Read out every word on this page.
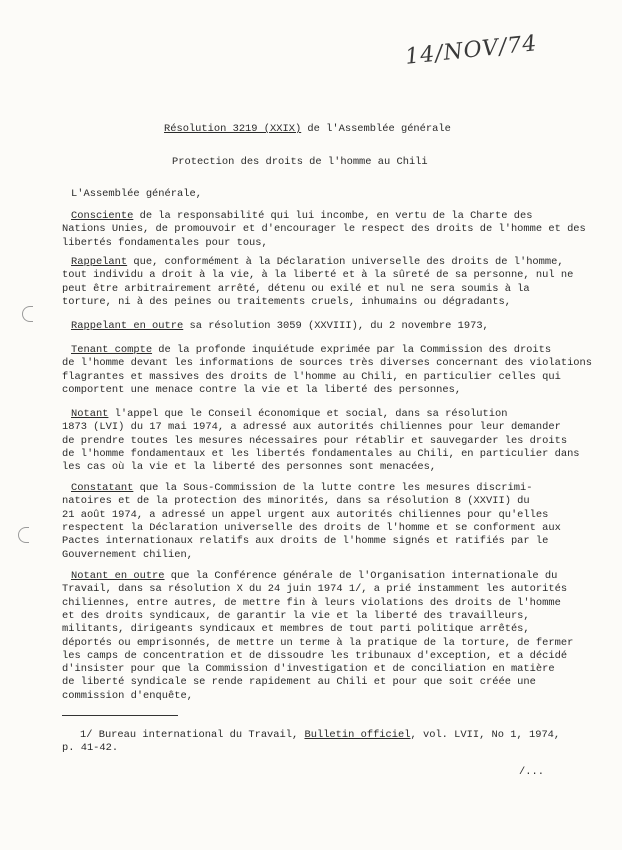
14/NOV/74
Résolution 3219 (XXIX) de l'Assemblée générale
Protection des droits de l'homme au Chili
L'Assemblée générale,
Consciente de la responsabilité qui lui incombe, en vertu de la Charte des
Nations Unies, de promouvoir et d'encourager le respect des droits de l'homme et des
libertés fondamentales pour tous,
Rappelant que, conformément à la Déclaration universelle des droits de l'homme,
tout individu a droit à la vie, à la liberté et à la sûreté de sa personne, nul ne
peut être arbitrairement arrêté, détenu ou exilé et nul ne sera soumis à la
torture, ni à des peines ou traitements cruels, inhumains ou dégradants,
Rappelant en outre sa résolution 3059 (XXVIII), du 2 novembre 1973,
Tenant compte de la profonde inquiétude exprimée par la Commission des droits
de l'homme devant les informations de sources très diverses concernant des violations
flagrantes et massives des droits de l'homme au Chili, en particulier celles qui
comportent une menace contre la vie et la liberté des personnes,
Notant l'appel que le Conseil économique et social, dans sa résolution
1873 (LVI) du 17 mai 1974, a adressé aux autorités chiliennes pour leur demander
de prendre toutes les mesures nécessaires pour rétablir et sauvegarder les droits
de l'homme fondamentaux et les libertés fondamentales au Chili, en particulier dans
les cas où la vie et la liberté des personnes sont menacées,
Constatant que la Sous-Commission de la lutte contre les mesures discrimi-
natoires et de la protection des minorités, dans sa résolution 8 (XXVII) du
21 août 1974, a adressé un appel urgent aux autorités chiliennes pour qu'elles
respectent la Déclaration universelle des droits de l'homme et se conforment aux
Pactes internationaux relatifs aux droits de l'homme signés et ratifiés par le
Gouvernement chilien,
Notant en outre que la Conférence générale de l'Organisation internationale du
Travail, dans sa résolution X du 24 juin 1974 1/, a prié instamment les autorités
chiliennes, entre autres, de mettre fin à leurs violations des droits de l'homme
et des droits syndicaux, de garantir la vie et la liberté des travailleurs,
militants, dirigeants syndicaux et membres de tout parti politique arrêtés,
déportés ou emprisonnés, de mettre un terme à la pratique de la torture, de fermer
les camps de concentration et de dissoudre les tribunaux d'exception, et a décidé
d'insister pour que la Commission d'investigation et de conciliation en matière
de liberté syndicale se rende rapidement au Chili et pour que soit créée une
commission d'enquête,
1/ Bureau international du Travail, Bulletin officiel, vol. LVII, No 1, 1974,
p. 41-42.
/...
